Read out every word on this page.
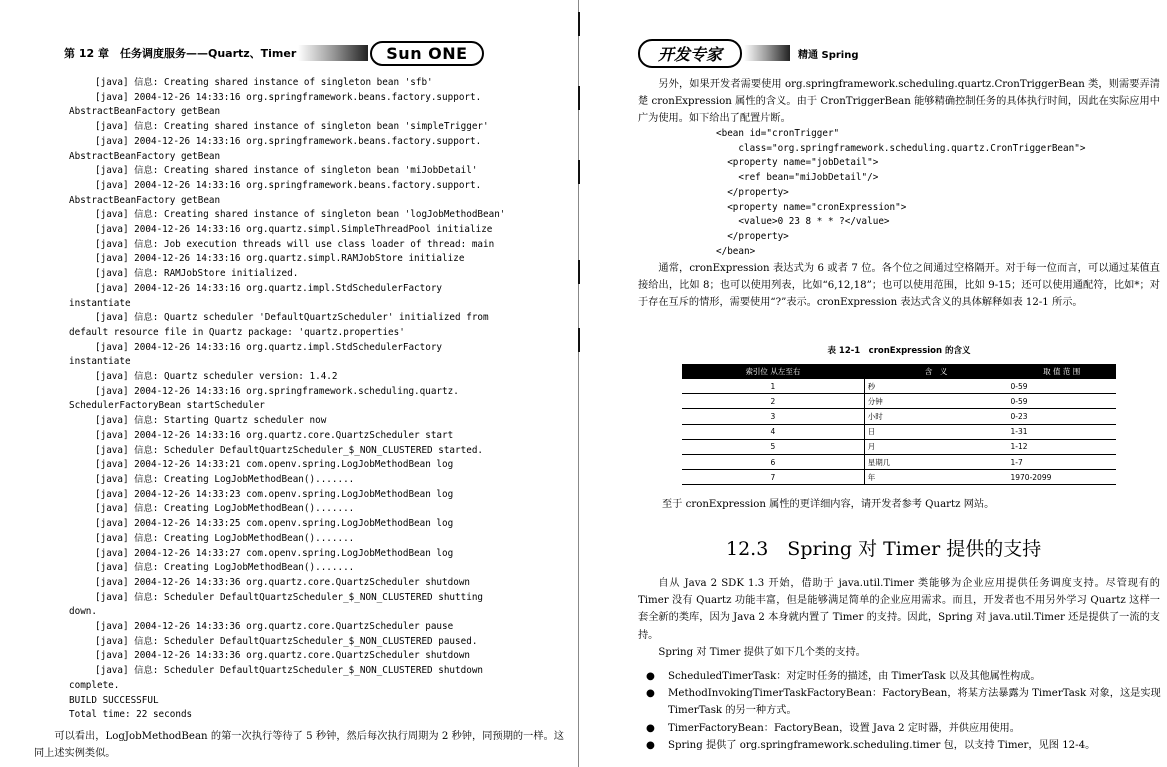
第 12 章　任务调度服务——Quartz、Timer	Sun ONE
[java] 信息: Creating shared instance of singleton bean 'sfb'
[java] 2004-12-26 14:33:16 org.springframework.beans.factory.support.
AbstractBeanFactory getBean
[java] 信息: Creating shared instance of singleton bean 'simpleTrigger'
[java] 2004-12-26 14:33:16 org.springframework.beans.factory.support.
AbstractBeanFactory getBean
[java] 信息: Creating shared instance of singleton bean 'miJobDetail'
[java] 2004-12-26 14:33:16 org.springframework.beans.factory.support.
AbstractBeanFactory getBean
[java] 信息: Creating shared instance of singleton bean 'logJobMethodBean'
[java] 2004-12-26 14:33:16 org.quartz.simpl.SimpleThreadPool initialize
[java] 信息: Job execution threads will use class loader of thread: main
[java] 2004-12-26 14:33:16 org.quartz.simpl.RAMJobStore initialize
[java] 信息: RAMJobStore initialized.
[java] 2004-12-26 14:33:16 org.quartz.impl.StdSchedulerFactory
instantiate
[java] 信息: Quartz scheduler 'DefaultQuartzScheduler' initialized from
default resource file in Quartz package: 'quartz.properties'
[java] 2004-12-26 14:33:16 org.quartz.impl.StdSchedulerFactory
instantiate
[java] 信息: Quartz scheduler version: 1.4.2
[java] 2004-12-26 14:33:16 org.springframework.scheduling.quartz.
SchedulerFactoryBean startScheduler
[java] 信息: Starting Quartz scheduler now
[java] 2004-12-26 14:33:16 org.quartz.core.QuartzScheduler start
[java] 信息: Scheduler DefaultQuartzScheduler_$_NON_CLUSTERED started.
[java] 2004-12-26 14:33:21 com.openv.spring.LogJobMethodBean log
[java] 信息: Creating LogJobMethodBean().......
[java] 2004-12-26 14:33:23 com.openv.spring.LogJobMethodBean log
[java] 信息: Creating LogJobMethodBean().......
[java] 2004-12-26 14:33:25 com.openv.spring.LogJobMethodBean log
[java] 信息: Creating LogJobMethodBean().......
[java] 2004-12-26 14:33:27 com.openv.spring.LogJobMethodBean log
[java] 信息: Creating LogJobMethodBean().......
[java] 2004-12-26 14:33:36 org.quartz.core.QuartzScheduler shutdown
[java] 信息: Scheduler DefaultQuartzScheduler_$_NON_CLUSTERED shutting
down.
[java] 2004-12-26 14:33:36 org.quartz.core.QuartzScheduler pause
[java] 信息: Scheduler DefaultQuartzScheduler_$_NON_CLUSTERED paused.
[java] 2004-12-26 14:33:36 org.quartz.core.QuartzScheduler shutdown
[java] 信息: Scheduler DefaultQuartzScheduler_$_NON_CLUSTERED shutdown
complete.
BUILD SUCCESSFUL
Total time: 22 seconds
可以看出，LogJobMethodBean 的第一次执行等待了 5 秒钟，然后每次执行周期为 2 秒钟，同预期的一样。这同上述实例类似。
开发专家	精通 Spring
另外，如果开发者需要使用 org.springframework.scheduling.quartz.CronTriggerBean 类，则需要弄清楚 cronExpression 属性的含义。由于 CronTriggerBean 能够精确控制任务的具体执行时间，因此在实际应用中广为使用。如下给出了配置片断。
<bean id="cronTrigger"
class="org.springframework.scheduling.quartz.CronTriggerBean">
<property name="jobDetail">
<ref bean="miJobDetail"/>
</property>
<property name="cronExpression">
<value>0 23 8 * * ?</value>
</property>
</bean>
通常，cronExpression 表达式为 6 或者 7 位。各个位之间通过空格隔开。对于每一位而言，可以通过某值直接给出，比如 8；也可以使用列表，比如“6,12,18”；也可以使用范围，比如 9-15；还可以使用通配符，比如*；对于存在互斥的情形，需要使用“?”表示。cronExpression 表达式含义的具体解释如表 12-1 所示。
表 12-1　cronExpression 的含义
索引位 从左至右	含　义	取 值 范 围
1	秒	0-59
2	分钟	0-59
3	小时	0-23
4	日	1-31
5	月	1-12
6	星期几	1-7
7	年	1970-2099
至于 cronExpression 属性的更详细内容，请开发者参考 Quartz 网站。
12.3　Spring 对 Timer 提供的支持
自从 Java 2 SDK 1.3 开始，借助于 java.util.Timer 类能够为企业应用提供任务调度支持。尽管现有的 Timer 没有 Quartz 功能丰富，但是能够满足简单的企业应用需求。而且，开发者也不用另外学习 Quartz 这样一套全新的类库，因为 Java 2 本身就内置了 Timer 的支持。因此，Spring 对 java.util.Timer 还是提供了一流的支持。
Spring 对 Timer 提供了如下几个类的支持。
●	ScheduledTimerTask：对定时任务的描述，由 TimerTask 以及其他属性构成。
●	MethodInvokingTimerTaskFactoryBean：FactoryBean，将某方法暴露为 TimerTask 对象，这是实现 TimerTask 的另一种方式。
●	TimerFactoryBean：FactoryBean，设置 Java 2 定时器，并供应用使用。
●	Spring 提供了 org.springframework.scheduling.timer 包，以支持 Timer，见图 12-4。
